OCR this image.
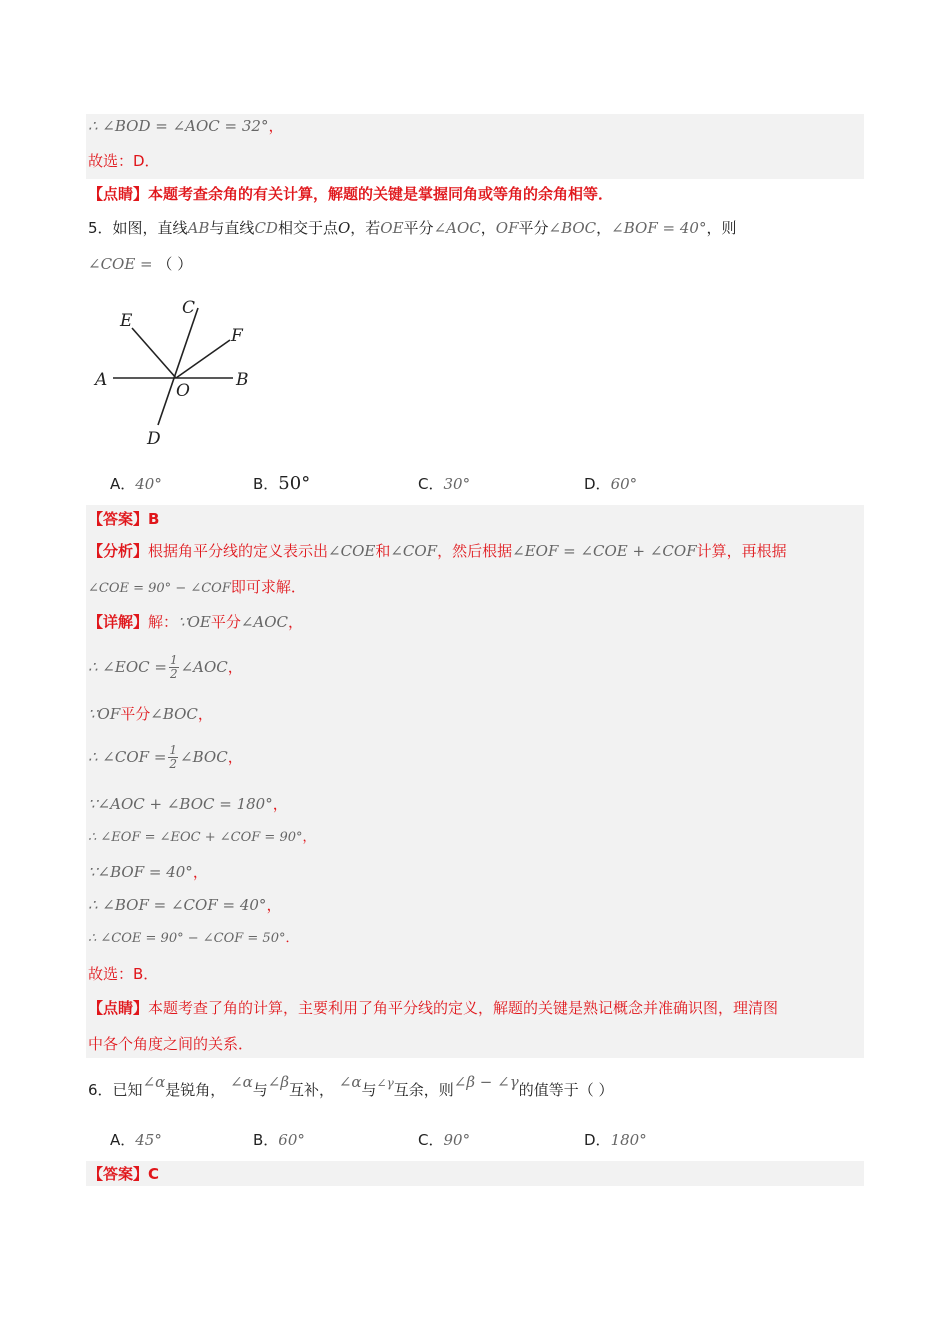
∴ ∠BOD = ∠AOC = 32°，
故选：D．
【点睛】本题考查余角的有关计算，解题的关键是掌握同角或等角的余角相等．
5．如图，直线AB与直线CD相交于点O，若OE平分∠AOC，OF平分∠BOC，∠BOF = 40°，则
∠COE = （ ）
A	B
C
D
E
F
O
A．40°	B．50°	C．30°	D．60°
【答案】B
【分析】根据角平分线的定义表示出∠COE和∠COF，然后根据∠EOF = ∠COE + ∠COF计算，再根据
∠COE = 90° − ∠COF即可求解．
【详解】解：∵OE平分∠AOC，
∴ ∠EOC = $\frac{1}{2}$ ∠AOC，
∵OF平分∠BOC，
∴ ∠COF = $\frac{1}{2}$ ∠BOC，
∵∠AOC + ∠BOC = 180°，
∴ ∠EOF = ∠EOC + ∠COF = 90°，
∵∠BOF = 40°，
∴ ∠BOF = ∠COF = 40°，
∴ ∠COE = 90° − ∠COF = 50°．
故选：B．
【点睛】本题考查了角的计算，主要利用了角平分线的定义，解题的关键是熟记概念并准确识图，理清图
中各个角度之间的关系．
6．已知∠α是锐角， ∠α与∠β互补， ∠α与$^{\angle\gamma}$互余，则∠β − ∠γ的值等于（ ）
A．45°	B．60°	C．90°	D．180°
【答案】C
